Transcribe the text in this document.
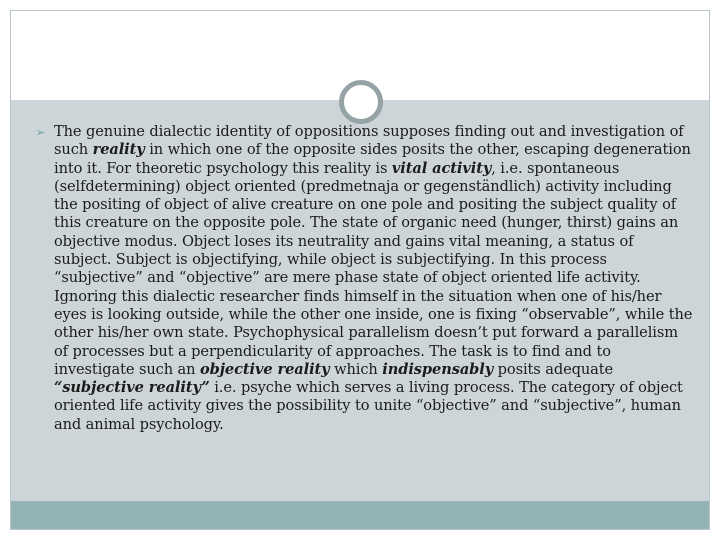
➢ The genuine dialectic identity of oppositions supposes finding out and investigation of such reality in which one of the opposite sides posits the other, escaping degeneration into it. For theoretic psychology this reality is vital activity, i.e. spontaneous (selfdetermining) object oriented (predmetnaja or gegenständlich) activity including the positing of object of alive creature on one pole and positing the subject quality of this creature on the opposite pole. The state of organic need (hunger, thirst) gains an objective modus. Object loses its neutrality and gains vital meaning, a status of subject. Subject is objectifying, while object is subjectifying. In this process “subjective” and “objective” are mere phase state of object oriented life activity. Ignoring this dialectic researcher finds himself in the situation when one of his/her eyes is looking outside, while the other one inside, one is fixing “observable”, while the other his/her own state. Psychophysical parallelism doesn’t put forward a parallelism of processes but a perpendicularity of approaches. The task is to find and to investigate such an objective reality which indispensably posits adequate “subjective reality” i.e. psyche which serves a living process. The category of object oriented life activity gives the possibility to unite “objective” and “subjective”, human and animal psychology.
